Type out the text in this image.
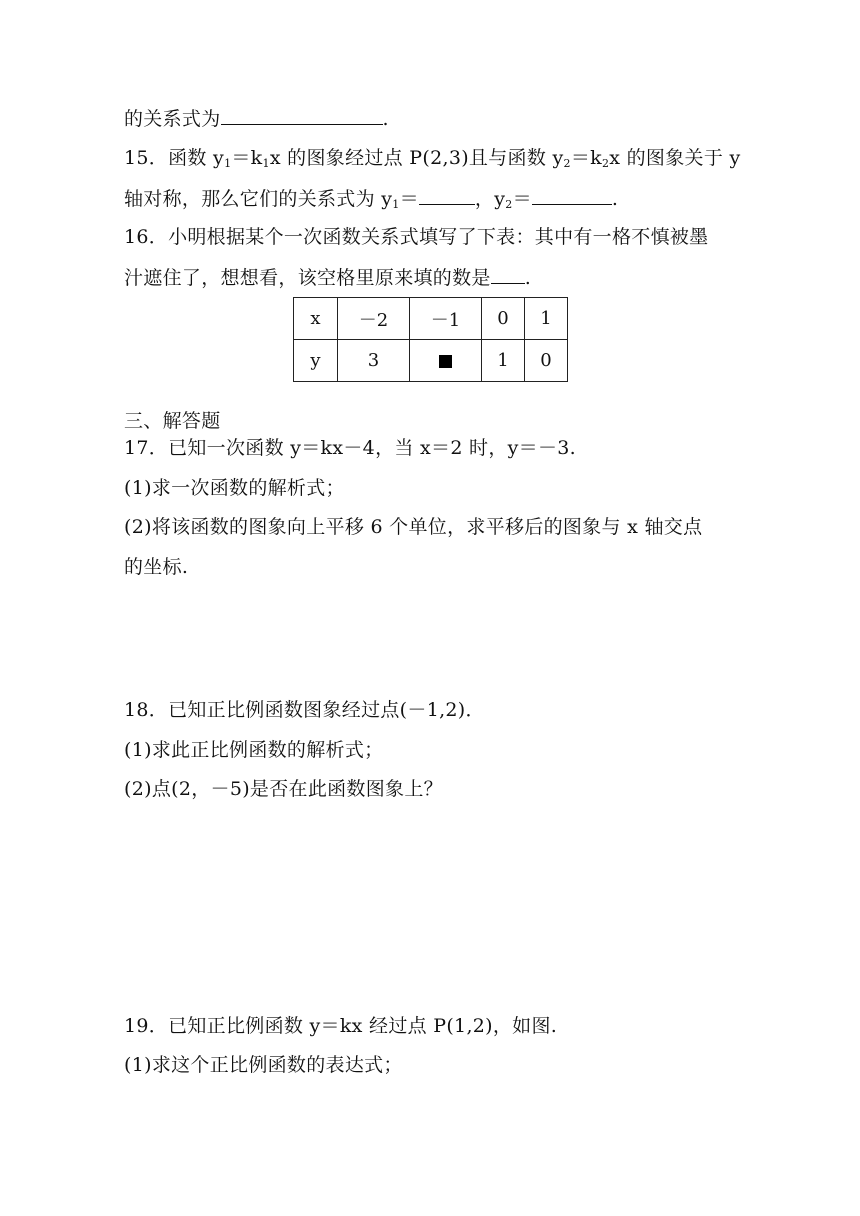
的关系式为	.
15．函数 $y_1=k_1x$ 的图象经过点 P(2,3)且与函数 $y_2=k_2x$ 的图象关于 y
轴对称，那么它们的关系式为 $y_1=$	，$y_2=$	.
16．小明根据某个一次函数关系式填写了下表：其中有一格不慎被墨
汁遮住了，想想看，该空格里原来填的数是 .
x	－2	－1	0	1
y	3		1	0
三、解答题
17．已知一次函数 y＝kx－4，当 x＝2 时，y＝－3.
(1)求一次函数的解析式；
(2)将该函数的图象向上平移 6 个单位，求平移后的图象与 x 轴交点
的坐标.
18．已知正比例函数图象经过点(－1,2)．
(1)求此正比例函数的解析式；
(2)点(2，－5)是否在此函数图象上？
19．已知正比例函数 y＝kx 经过点 P(1,2)，如图.
(1)求这个正比例函数的表达式；
